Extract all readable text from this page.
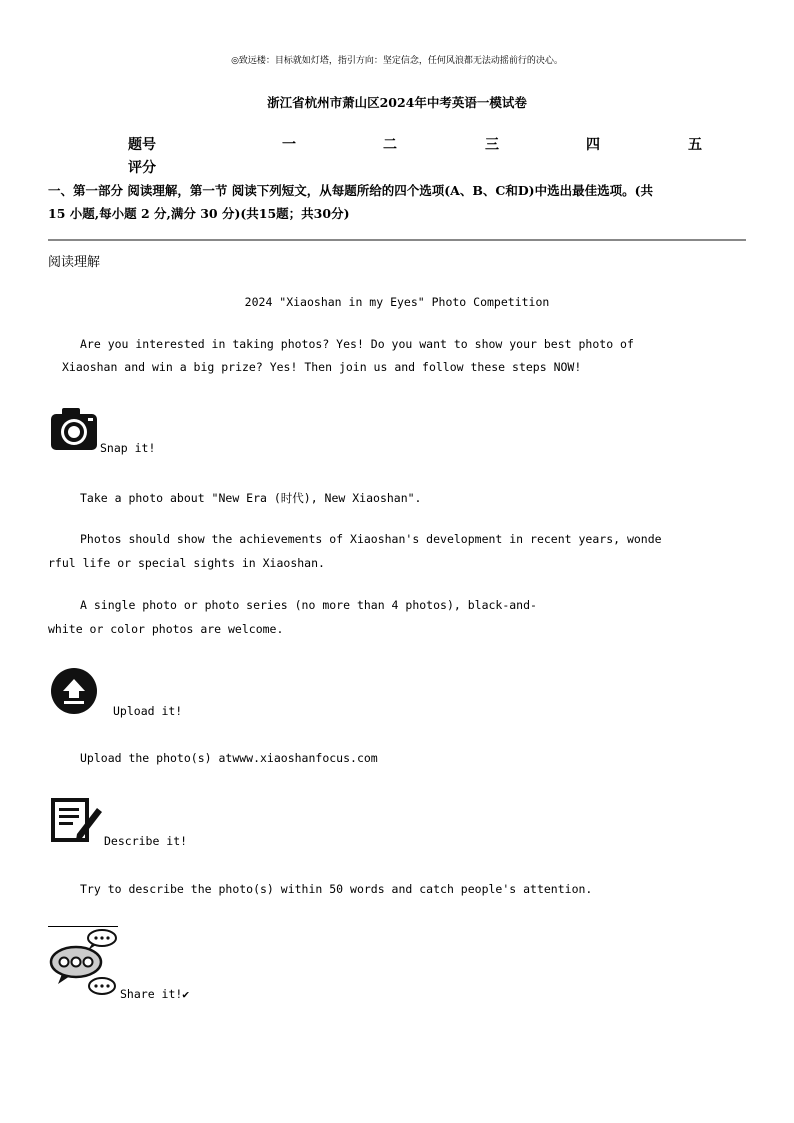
◎致远楼：目标就如灯塔，指引方向：坚定信念，任何风浪都无法动摇前行的决心。
浙江省杭州市萧山区2024年中考英语一模试卷
题号	一	二	三	四	五
评分
一、第一部分 阅读理解，第一节 阅读下列短文，从每题所给的四个选项(A、B、C和D)中选出最佳选项。(共
15 小题,每小题 2 分,满分 30 分)(共15题；共30分)
阅读理解
2024 "Xiaoshan in my Eyes" Photo Competition
Are you interested in taking photos? Yes! Do you want to show your best photo of
Xiaoshan and win a big prize? Yes! Then join us and follow these steps NOW!
Snap it!
Take a photo about "New Era (时代), New Xiaoshan".
Photos should show the achievements of Xiaoshan's development in recent years, wonde
rful life or special sights in Xiaoshan.
A single photo or photo series (no more than 4 photos), black-and-
white or color photos are welcome.
Upload it!
Upload the photo(s) atwww.xiaoshanfocus.com
Describe it!
Try to describe the photo(s) within 50 words and catch people's attention.
Share it!✔
